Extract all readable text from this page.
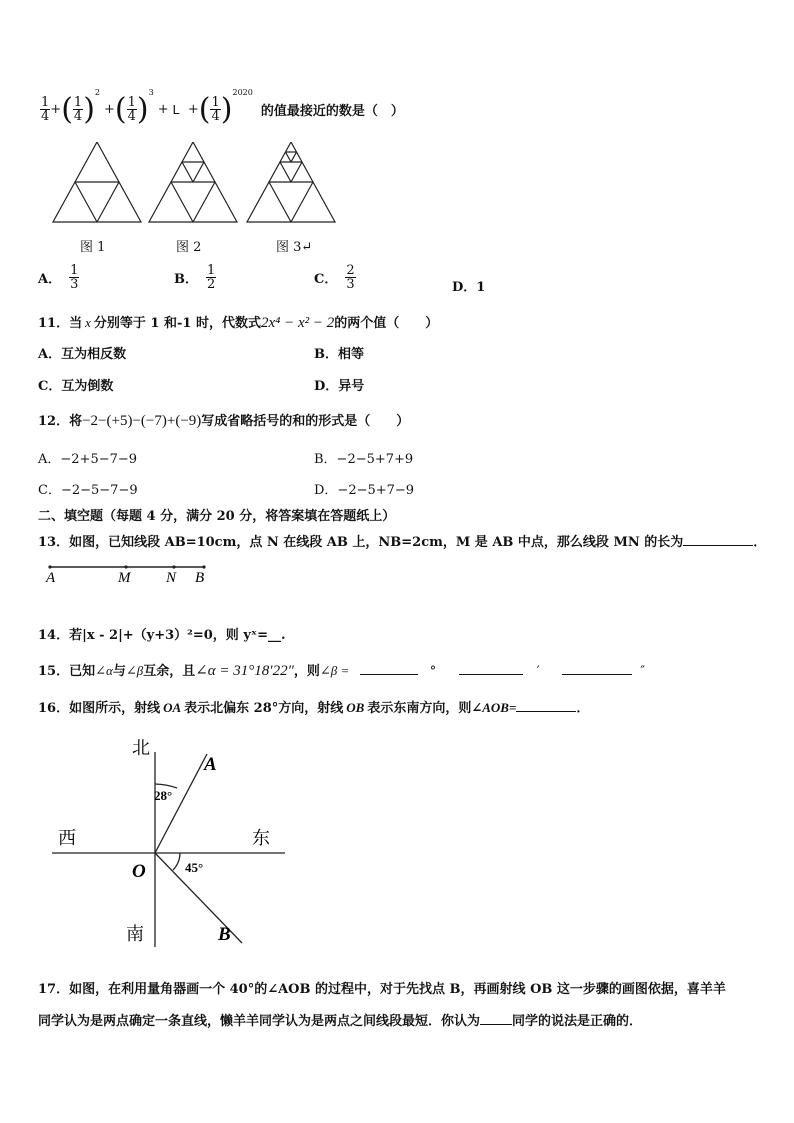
$\frac{1}{4}$ + ( $\frac{1}{4} )^2$
+ ( $\frac{1}{4} )^3$
+ L + ( $\frac{1}{4} )^{2020}$
的值最接近的数是（　）
图 1	图 2	图 3↵
A． $\frac{1}{3}$	B． $\frac{1}{2}$	C． $\frac{2}{3}$	D．1
11．当 x 分别等于 1 和-1 时，代数式2x⁴ − x² − 2的两个值（　　）
A．互为相反数	B．相等
C．互为倒数	D．异号
12．将−2−(+5)−(−7)+(−9)写成省略括号的和的形式是（　　）
A．−2+5−7−9	B．−2−5+7+9
C．−2−5−7−9	D．−2−5+7−9
二、填空题（每题 4 分，满分 20 分，将答案填在答题纸上）
13．如图，已知线段 AB=10cm，点 N 在线段 AB 上，NB=2cm，M 是 AB 中点，那么线段 MN 的长为	．
A	M N B
14．若|x - 2|+（y+3）²=0，则 yˣ=__.
15．已知∠α与∠β互余，且∠α = 31°18′22″，则∠β =	°	′	″
16．如图所示，射线 OA 表示北偏东 28°方向，射线 OB 表示东南方向，则∠AOB=	．
北
西	东
南
O
A
B
28°
45°
17．如图，在利用量角器画一个 40°的∠AOB 的过程中，对于先找点 B，再画射线 OB 这一步骤的画图依据，喜羊羊
同学认为是两点确定一条直线，懒羊羊同学认为是两点之间线段最短．你认为 同学的说法是正确的．
